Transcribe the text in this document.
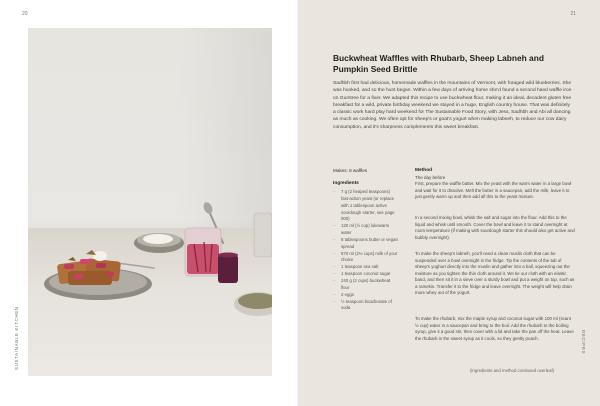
20
SUSTAINABLE KITCHEN
21
Buckwheat Waffles with Rhubarb, Sheep Labneh and Pumpkin Seed Brittle

Sadhbh first had delicious, homemade waffles in the mountains of Vermont, with foraged wild blueberries. She was hooked, and so the hunt began. Within a few days of arriving home she'd found a second hand waffle iron on Gumtree for a fiver. We adapted this recipe to use buckwheat flour, making it an ideal, decadent gluten free breakfast for a wild, private birthday weekend we stayed in a huge, English country house. That was definitely a classic work hard play hard weekend for The Sustainable Food Story, with Jess, Sadhbh and Abi all dancing as much as cooking. We often opt for sheep's or goat's yogurt when making labneh, to reduce our cow dairy consumption, and it's sharpness complements this sweet breakfast.

Makes: 8 waffles

Ingredients

– 7 g (2 heaped teaspoons) fast-action yeast (or replace with 1 tablespoon active sourdough starter, see page 000)
– 120 ml (½ cup) lukewarm water
– 8 tablespoons butter or vegan spread
– 570 ml (2⅓ cups) milk of your choice
– 1 teaspoon sea salt
– 1 teaspoon coconut sugar
– 240 g (2 cups) buckwheat flour
– 2 eggs
– ½ teaspoon bicarbonate of soda

Method

The day before

First, prepare the waffle batter. Mix the yeast with the warm water in a large bowl and wait for it to dissolve. Melt the butter in a saucepan, add the milk, leave it to just gently warm up and then add all this to the yeast mixture.

In a second mixing bowl, whisk the salt and sugar into the flour. Add this to the liquid and whisk until smooth. Cover the bowl and leave it to stand overnight at room temperature (if making with sourdough starter this should also get active and bubbly overnight).

To make the sheep's labneh, you'll need a clean muslin cloth that can be suspended over a bowl overnight in the fridge. Tip the contents of the tub of sheep's yoghurt directly into the muslin and gather into a ball, squeezing out the moisture as you tighten the thin cloth around it. We tie our cloth with an elastic band, and then sit it in a sieve over a sturdy bowl and put a weight on top, such as a ramekin. Transfer it to the fridge and leave overnight. The weight will help drain more whey out of the yogurt.

To make the rhubarb, mix the maple syrup and coconut sugar with 100 ml (scant ½ cup) water in a saucepan and bring to the boil. Add the rhubarb to the boiling syrup, give it a good stir, then cover with a lid and take the pan off the heat. Leave the rhubarb in the sweet syrup as it cools, so they gently poach.

(ingredients and method continued overleaf)

RECIPES
